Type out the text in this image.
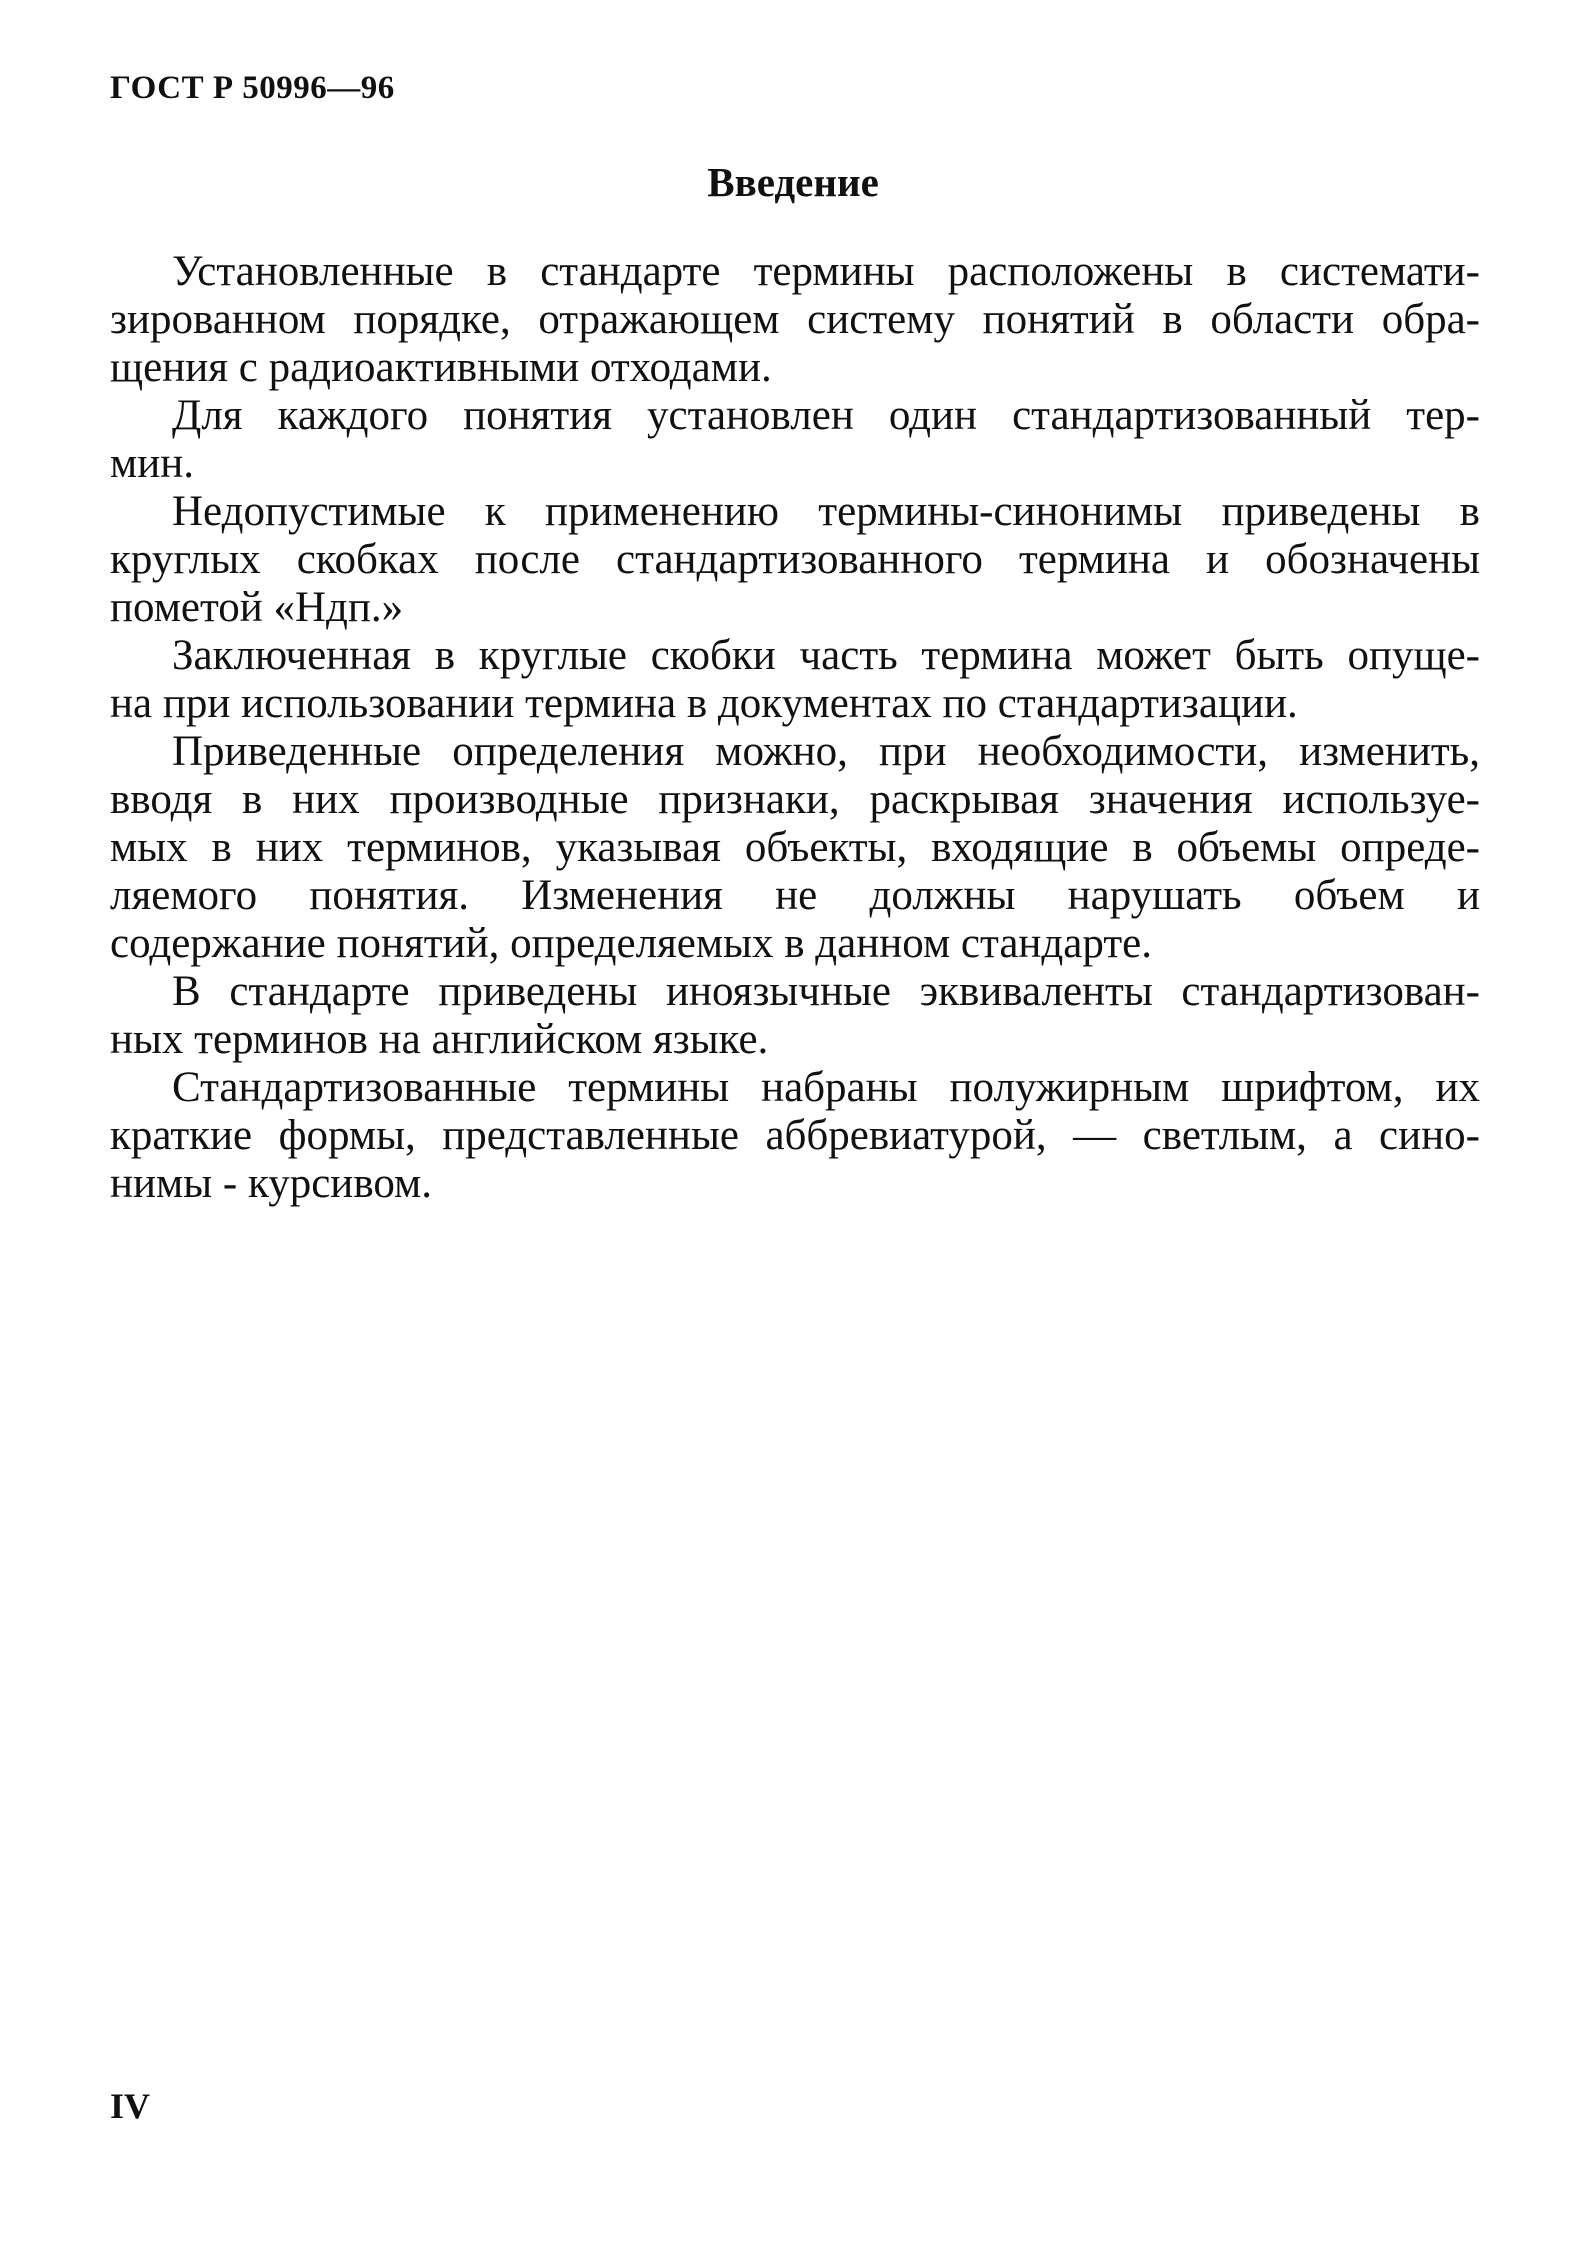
ГОСТ Р 50996—96
Введение
Установленные в стандарте термины расположены в системати-
зированном порядке, отражающем систему понятий в области обра-
щения с радиоактивными отходами.
Для каждого понятия установлен один стандартизованный тер-
мин.
Недопустимые к применению термины-синонимы приведены в
круглых скобках после стандартизованного термина и обозначены
пометой «Ндп.»
Заключенная в круглые скобки часть термина может быть опуще-
на при использовании термина в документах по стандартизации.
Приведенные определения можно, при необходимости, изменить,
вводя в них производные признаки, раскрывая значения используе-
мых в них терминов, указывая объекты, входящие в объемы опреде-
ляемого понятия. Изменения не должны нарушать объем и
содержание понятий, определяемых в данном стандарте.
В стандарте приведены иноязычные эквиваленты стандартизован-
ных терминов на английском языке.
Стандартизованные термины набраны полужирным шрифтом, их
краткие формы, представленные аббревиатурой, — светлым, а сино-
нимы - курсивом.
IV
